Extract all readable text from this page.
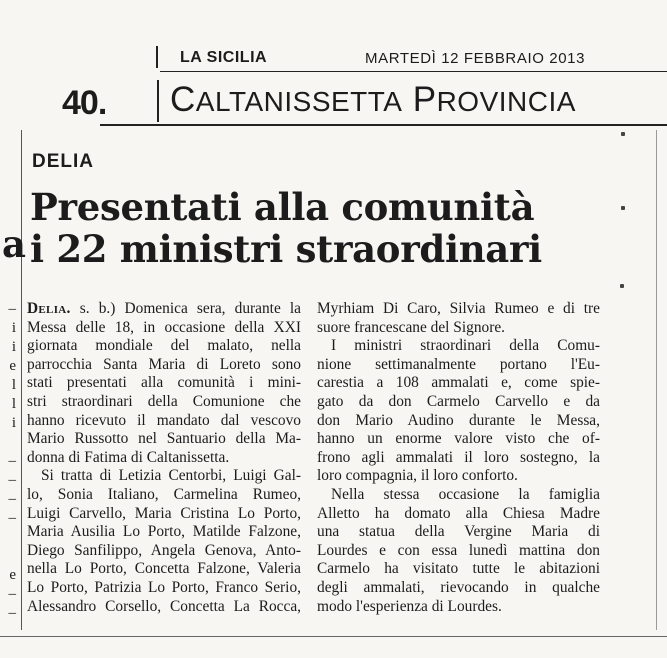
LA SICILIA	MARTEDÌ 12 FEBBRAIO 2013
40. CALTANISSETTA PROVINCIA
a
–
i
i
e
l
l
i
–
–
–
–
e
–
–
DELIA
Presentati alla comunità
i 22 ministri straordinari
Delia. s. b.) Domenica sera, durante la
Messa delle 18, in occasione della XXI
giornata mondiale del malato, nella
parrocchia Santa Maria di Loreto sono
stati presentati alla comunità i mini-
stri straordinari della Comunione che
hanno ricevuto il mandato dal vescovo
Mario Russotto nel Santuario della Ma-
donna di Fatima di Caltanissetta.
Si tratta di Letizia Centorbi, Luigi Gal-
lo, Sonia Italiano, Carmelina Rumeo,
Luigi Carvello, Maria Cristina Lo Porto,
Maria Ausilia Lo Porto, Matilde Falzone,
Diego Sanfilippo, Angela Genova, Anto-
nella Lo Porto, Concetta Falzone, Valeria
Lo Porto, Patrizia Lo Porto, Franco Serio,
Alessandro Corsello, Concetta La Rocca,
Myrhiam Di Caro, Silvia Rumeo e di tre
suore francescane del Signore.
I ministri straordinari della Comu-
nione settimanalmente portano l'Eu-
carestia a 108 ammalati e, come spie-
gato da don Carmelo Carvello e da
don Mario Audino durante le Messa,
hanno un enorme valore visto che of-
frono agli ammalati il loro sostegno, la
loro compagnia, il loro conforto.
Nella stessa occasione la famiglia
Alletto ha domato alla Chiesa Madre
una statua della Vergine Maria di
Lourdes e con essa lunedì mattina don
Carmelo ha visitato tutte le abitazioni
degli ammalati, rievocando in qualche
modo l'esperienza di Lourdes.
